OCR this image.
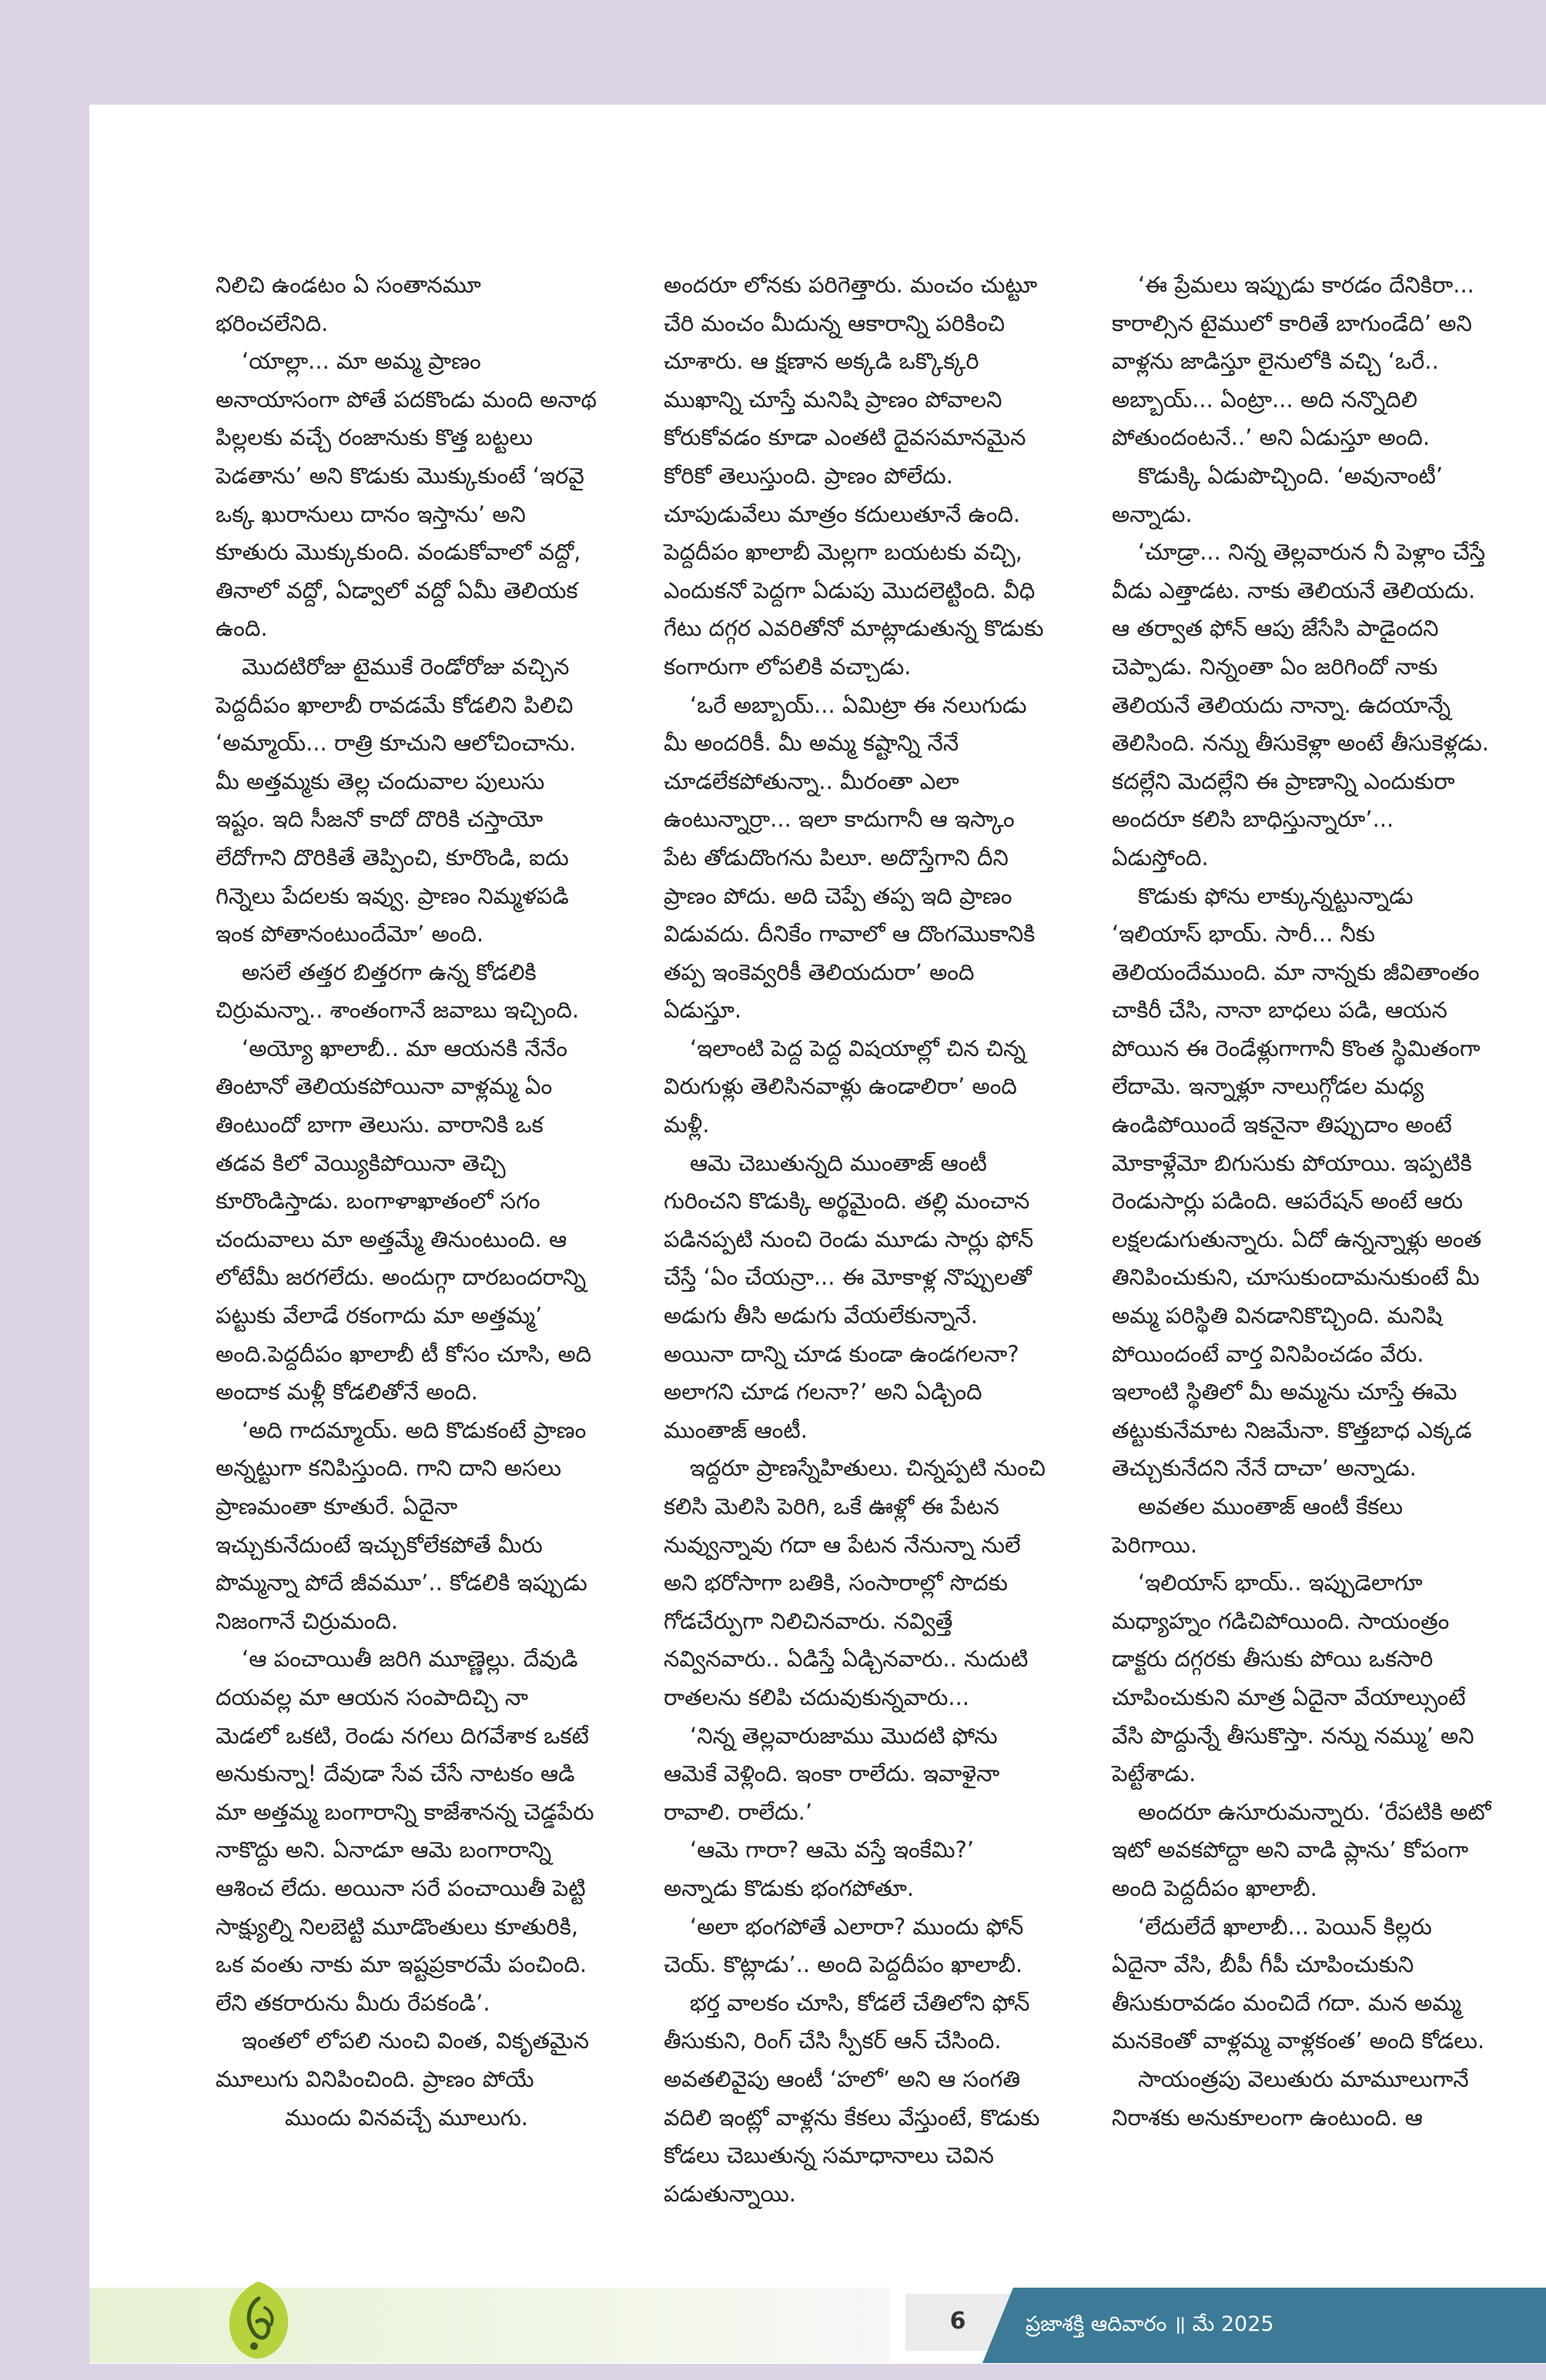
నిలిచి ఉండటం ఏ సంతానమూ భరించలేనిది.

‘యాల్లా... మా అమ్మ ప్రాణం అనాయాసంగా పోతే పదకొండు మంది అనాథ పిల్లలకు వచ్చే రంజానుకు కొత్త బట్టలు పెడతాను’ అని కొడుకు మొక్కుకుంటే ‘ఇరవై ఒక్క ఖురానులు దానం ఇస్తాను’ అని కూతురు మొక్కుకుంది. వండుకోవాలో వద్దో, తినాలో వద్దో, ఏడ్వాలో వద్దో ఏమీ తెలియక ఉంది.

మొదటిరోజు టైముకే రెండోరోజు వచ్చిన పెద్దదీపం ఖాలాబీ రావడమే కోడలిని పిలిచి ‘అమ్మాయ్... రాత్రి కూచుని ఆలోచించాను. మీ అత్తమ్మకు తెల్ల చందువాల పులుసు ఇష్టం. ఇది సీజనో కాదో దొరికి చస్తాయో లేదోగాని దొరికితే తెప్పించి, కూరొండి, ఐదు గిన్నెలు పేదలకు ఇవ్వు. ప్రాణం నిమ్మళపడి ఇంక పోతానంటుందేమో’ అంది.

అసలే తత్తర బిత్తరగా ఉన్న కోడలికి చిర్రుమన్నా.. శాంతంగానే జవాబు ఇచ్చింది.

‘అయ్యో ఖాలాబీ.. మా ఆయనకి నేనేం తింటానో తెలియకపోయినా వాళ్లమ్మ ఏం తింటుందో బాగా తెలుసు. వారానికి ఒక తడవ కిలో వెయ్యికిపోయినా తెచ్చి కూరొండిస్తాడు. బంగాళాఖాతంలో సగం చందువాలు మా అత్తమ్మే తినుంటుంది. ఆ లోటేమీ జరగలేదు. అందుగ్గా దారబందరాన్ని పట్టుకు వేలాడే రకంగాదు మా అత్తమ్మ’ అంది.పెద్దదీపం ఖాలాబీ టీ కోసం చూసి, అది అందాక మళ్లీ కోడలితోనే అంది.

‘అది గాదమ్మాయ్. అది కొడుకంటే ప్రాణం అన్నట్టుగా కనిపిస్తుంది. గాని దాని అసలు ప్రాణమంతా కూతురే. ఏదైనా ఇచ్చుకునేదుంటే ఇచ్చుకోలేకపోతే మీరు పొమ్మన్నా పోదే జీవమూ’.. కోడలికి ఇప్పుడు నిజంగానే చిర్రుమంది.

‘ఆ పంచాయితీ జరిగి మూణ్ణెల్లు. దేవుడి దయవల్ల మా ఆయన సంపాదిచ్చి నా మెడలో ఒకటి, రెండు నగలు దిగవేశాక ఒకటే అనుకున్నా! దేవుడా సేవ చేసే నాటకం ఆడి మా అత్తమ్మ బంగారాన్ని కాజేశానన్న చెడ్డపేరు నాకొద్దు అని. ఏనాడూ ఆమె బంగారాన్ని ఆశించ లేదు. అయినా సరే పంచాయితీ పెట్టి సాక్ష్యుల్ని నిలబెట్టి మూడొంతులు కూతురికి, ఒక వంతు నాకు మా ఇష్టప్రకారమే పంచింది. లేని తకరారును మీరు రేపకండి’.

ఇంతలో లోపలి నుంచి వింత, వికృతమైన మూలుగు వినిపించింది. ప్రాణం పోయే

ముందు వినవచ్చే మూలుగు.

అందరూ లోనకు పరిగెత్తారు. మంచం చుట్టూ చేరి మంచం మీదున్న ఆకారాన్ని పరికించి చూశారు. ఆ క్షణాన అక్కడి ఒక్కొక్కరి ముఖాన్ని చూస్తే మనిషి ప్రాణం పోవాలని కోరుకోవడం కూడా ఎంతటి దైవసమానమైన కోరికో తెలుస్తుంది. ప్రాణం పోలేదు. చూపుడువేలు మాత్రం కదులుతూనే ఉంది. పెద్దదీపం ఖాలాబీ మెల్లగా బయటకు వచ్చి, ఎందుకనో పెద్దగా ఏడుపు మొదలెట్టింది. వీధి గేటు దగ్గర ఎవరితోనో మాట్లాడుతున్న కొడుకు కంగారుగా లోపలికి వచ్చాడు.

‘ఒరే అబ్బాయ్... ఏమిట్రా ఈ నలుగుడు మీ అందరికీ. మీ అమ్మ కష్టాన్ని నేనే చూడలేకపోతున్నా.. మీరంతా ఎలా ఉంటున్నార్రా... ఇలా కాదుగానీ ఆ ఇస్కాం పేట తోడుదొంగను పిలూ. అదొస్తేగాని దీని ప్రాణం పోదు. అది చెప్పే తప్ప ఇది ప్రాణం విడువదు. దీనికేం గావాలో ఆ దొంగమొకానికి తప్ప ఇంకెవ్వరికీ తెలియదురా’ అంది ఏడుస్తూ.

‘ఇలాంటి పెద్ద పెద్ద విషయాల్లో చిన చిన్న విరుగుళ్లు తెలిసినవాళ్లు ఉండాలిరా’ అంది మళ్లీ.

ఆమె చెబుతున్నది ముంతాజ్ ఆంటీ గురించని కొడుక్కి అర్థమైంది. తల్లి మంచాన పడినప్పటి నుంచి రెండు మూడు సార్లు ఫోన్ చేస్తే ‘ఏం చేయన్రా... ఈ మోకాళ్ల నొప్పులతో అడుగు తీసి అడుగు వేయలేకున్నానే. అయినా దాన్ని చూడ కుండా ఉండగలనా? అలాగని చూడ గలనా?’ అని ఏడ్చింది ముంతాజ్ ఆంటీ.

ఇద్దరూ ప్రాణస్నేహితులు. చిన్నప్పటి నుంచి కలిసి మెలిసి పెరిగి, ఒకే ఊళ్లో ఈ పేటన నువ్వున్నావు గదా ఆ పేటన నేనున్నా నులే అని భరోసాగా బతికి, సంసారాల్లో సొదకు గోడచేర్పుగా నిలిచినవారు. నవ్విత్తే నవ్వినవారు.. ఏడిస్తే ఏడ్చినవారు.. నుదుటి రాతలను కలిపి చదువుకున్నవారు...

‘నిన్న తెల్లవారుజాము మొదటి ఫోను ఆమెకే వెళ్లింది. ఇంకా రాలేదు. ఇవాళైనా రావాలి. రాలేదు.’

‘ఆమె గారా? ఆమె వస్తే ఇంకేమి?’ అన్నాడు కొడుకు భంగపోతూ.

‘అలా భంగపోతే ఎలారా? ముందు ఫోన్ చెయ్. కొట్లాడు’.. అంది పెద్దదీపం ఖాలాబీ.

భర్త వాలకం చూసి, కోడలే చేతిలోని ఫోన్ తీసుకుని, రింగ్ చేసి స్పీకర్ ఆన్ చేసింది. అవతలివైపు ఆంటీ ‘హలో’ అని ఆ సంగతి వదిలి ఇంట్లో వాళ్లను కేకలు వేస్తుంటే, కొడుకు కోడలు చెబుతున్న సమాధానాలు చెవిన పడుతున్నాయి.

‘ఈ ప్రేమలు ఇప్పుడు కారడం దేనికిరా... కారాల్సిన టైములో కారితే బాగుండేది’ అని వాళ్లను జాడిస్తూ లైనులోకి వచ్చి ‘ఒరే.. అబ్బాయ్... ఏంట్రా... అది నన్నొదిలి పోతుందంటనే..’ అని ఏడుస్తూ అంది.

కొడుక్కి ఏడుపొచ్చింది. ‘అవునాంటీ’ అన్నాడు.

‘చూడ్రా... నిన్న తెల్లవారున నీ పెళ్లాం చేస్తే వీడు ఎత్తాడట. నాకు తెలియనే తెలియదు. ఆ తర్వాత ఫోన్ ఆపు జేసేసి పాడైందని చెప్పాడు. నిన్నంతా ఏం జరిగిందో నాకు తెలియనే తెలియదు నాన్నా. ఉదయాన్నే తెలిసింది. నన్ను తీసుకెళ్లా అంటే తీసుకెళ్లడు. కదల్లేని మెదల్లేని ఈ ప్రాణాన్ని ఎందుకురా అందరూ కలిసి బాధిస్తున్నారూ’... ఏడుస్తోంది.

కొడుకు ఫోను లాక్కున్నట్టున్నాడు ‘ఇలియాస్ భాయ్. సారీ... నీకు తెలియందేముంది. మా నాన్నకు జీవితాంతం చాకిరీ చేసి, నానా బాధలు పడి, ఆయన పోయిన ఈ రెండేళ్లుగాగానీ కొంత స్థిమితంగా లేదామె. ఇన్నాళ్లూ నాలుగ్గోడల మధ్య ఉండిపోయిందే ఇకనైనా తిప్పుదాం అంటే మోకాళ్లేమో బిగుసుకు పోయాయి. ఇప్పటికి రెండుసార్లు పడింది. ఆపరేషన్ అంటే ఆరు లక్షలడుగుతున్నారు. ఏదో ఉన్నన్నాళ్లు అంత తినిపించుకుని, చూసుకుందామనుకుంటే మీ అమ్మ పరిస్థితి వినడానికొచ్చింది. మనిషి పోయిందంటే వార్త వినిపించడం వేరు. ఇలాంటి స్థితిలో మీ అమ్మను చూస్తే ఈమె తట్టుకునేమాట నిజమేనా. కొత్తబాధ ఎక్కడ తెచ్చుకునేదని నేనే దాచా’ అన్నాడు.

అవతల ముంతాజ్ ఆంటీ కేకలు పెరిగాయి.

‘ఇలియాస్ భాయ్.. ఇప్పుడెలాగూ మధ్యాహ్నం గడిచిపోయింది. సాయంత్రం డాక్టరు దగ్గరకు తీసుకు పోయి ఒకసారి చూపించుకుని మాత్ర ఏదైనా వేయాల్సుంటే వేసి పొద్దున్నే తీసుకొస్తా. నన్ను నమ్ము’ అని పెట్టేశాడు.

అందరూ ఉసూరుమన్నారు. ‘రేపటికి అటో ఇటో అవకపోద్దా అని వాడి ప్లాను’ కోపంగా అంది పెద్దదీపం ఖాలాబీ.

‘లేదులేదే ఖాలాబీ... పెయిన్ కిల్లరు ఏదైనా వేసి, బీపీ గీపీ చూపించుకుని తీసుకురావడం మంచిదే గదా. మన అమ్మ మనకెంతో వాళ్లమ్మ వాళ్లకంత’ అంది కోడలు.

సాయంత్రపు వెలుతురు మామూలుగానే నిరాశకు అనుకూలంగా ఉంటుంది. ఆ

6	ప్రజాశక్తి ఆదివారం ॥ మే 2025
